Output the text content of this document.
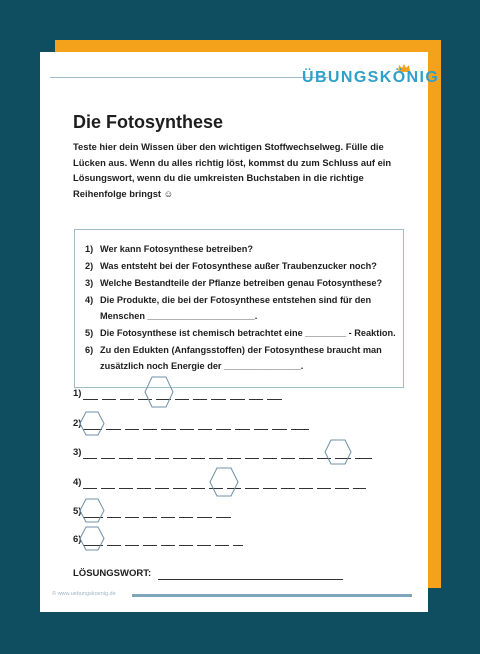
ÜBUNGSKÖNIG
Die Fotosynthese
Teste hier dein Wissen über den wichtigen Stoffwechselweg. Fülle die
Lücken aus. Wenn du alles richtig löst, kommst du zum Schluss auf ein
Lösungswort, wenn du die umkreisten Buchstaben in die richtige
Reihenfolge bringst ☺
1) Wer kann Fotosynthese betreiben?
2) Was entsteht bei der Fotosynthese außer Traubenzucker noch?
3) Welche Bestandteile der Pflanze betreiben genau Fotosynthese?
4) Die Produkte, die bei der Fotosynthese entstehen sind für den
Menschen _____________________.
5) Die Fotosynthese ist chemisch betrachtet eine ________ - Reaktion.
6) Zu den Edukten (Anfangsstoffen) der Fotosynthese braucht man
zusätzlich noch Energie der _______________.
1)
2)
3)
4)
5)
6)
LÖSUNGSWORT:
© www.uebungskoenig.de
